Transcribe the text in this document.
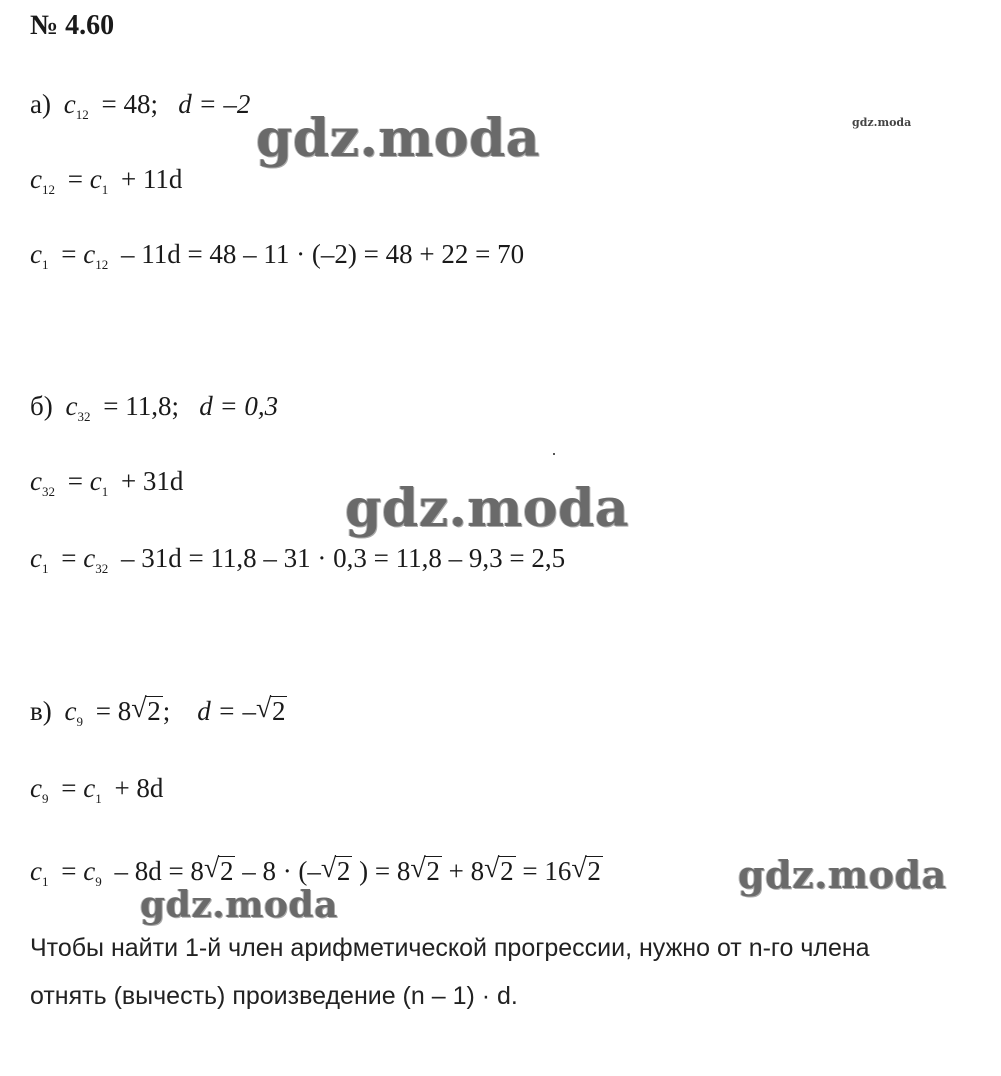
№ 4.60
а) $c_{12} = 48$; d = –2
$c_{12} = c_1 + 11d$
$c_1 = c_{12} - 11d = 48 - 11 \cdot (-2) = 48 + 22 = 70$
б) $c_{32} = 11,8$; d = 0,3
$c_{32} = c_1 + 31d$
$c_1 = c_{32} - 31d = 11,8 - 31 \cdot 0,3 = 11,8 - 9,3 = 2,5$
в) $c_9 = 8√$ 2; d = –√ 2
$c_9 = c_1 + 8d$
$c_1 = c_9 - 8d = 8√$ 2 – 8 · (–√ 2 ) = 8√ 2 + 8√ 2 = 16√ 2
Чтобы найти 1-й член арифметической прогрессии, нужно от n-го члена
отнять (вычесть) произведение (n – 1) · d.
gdz.moda	gdz.moda
gdz.moda
gdz.moda
gdz.moda
